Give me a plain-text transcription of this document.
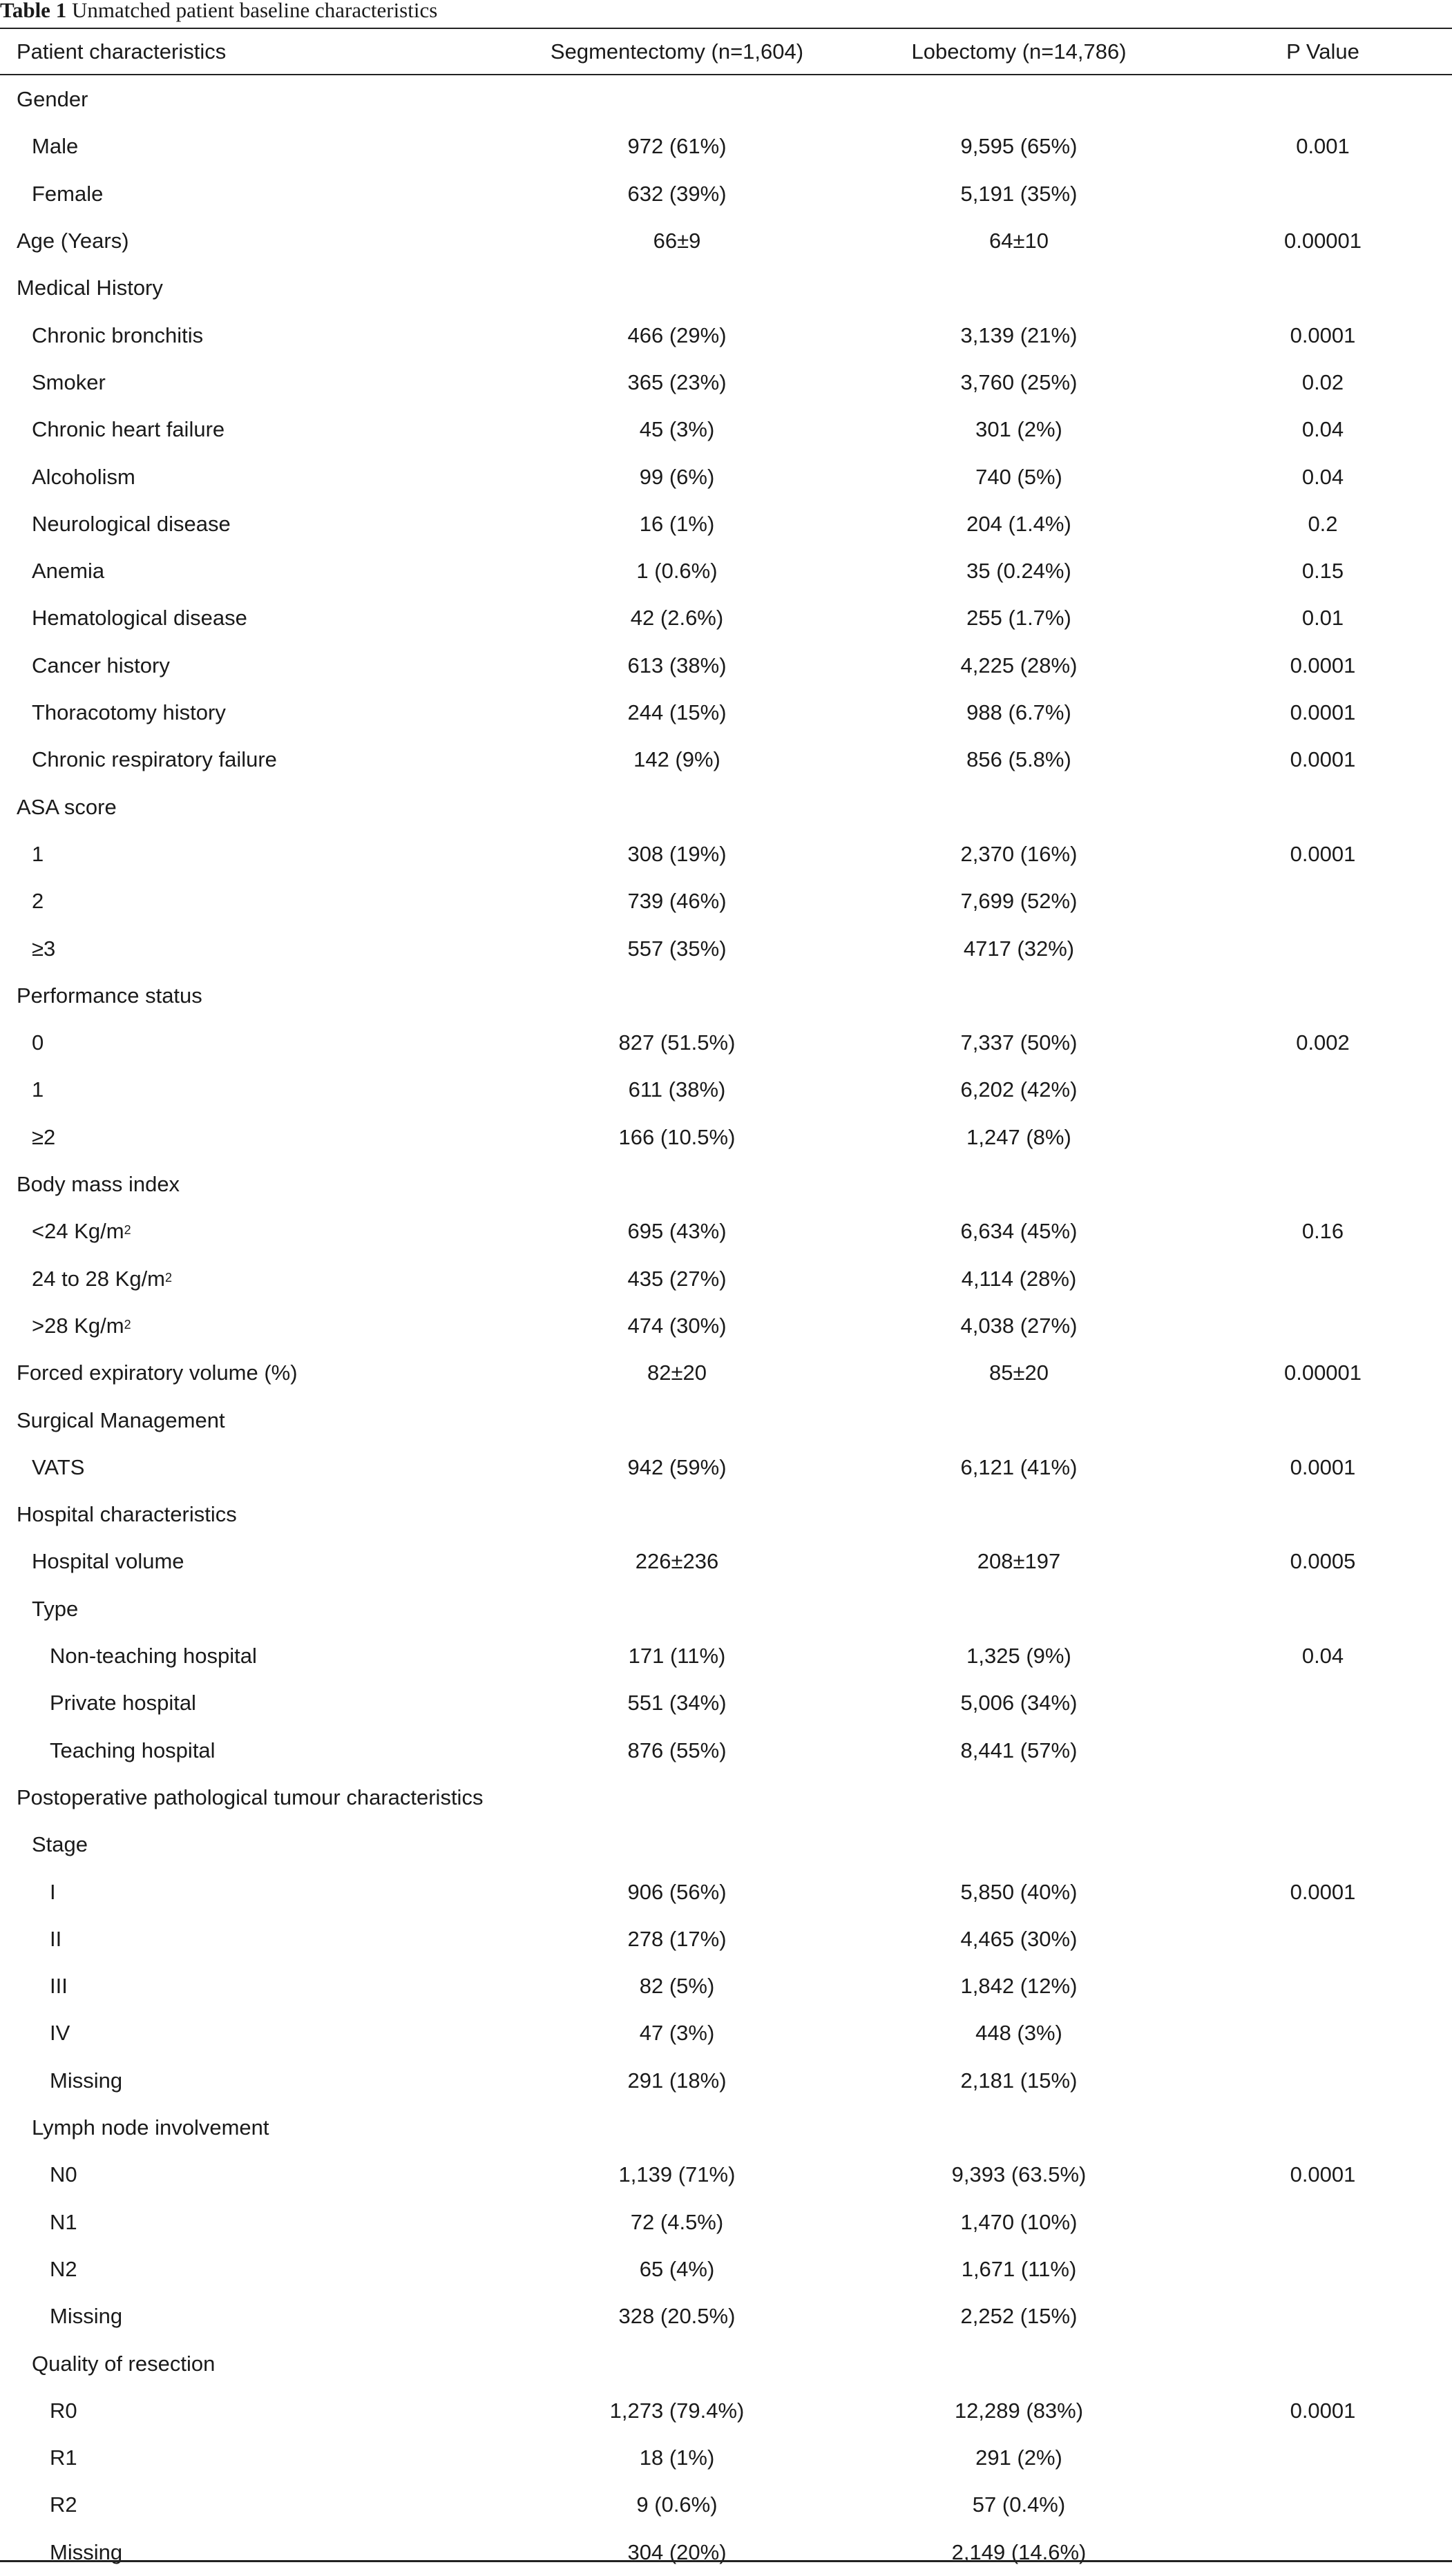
Table 1 Unmatched patient baseline characteristics
Patient characteristics	Segmentectomy (n=1,604)	Lobectomy (n=14,786)	P Value
Gender
Male	972 (61%)	9,595 (65%)	0.001
Female	632 (39%)	5,191 (35%)
Age (Years)	66±9	64±10	0.00001
Medical History
Chronic bronchitis	466 (29%)	3,139 (21%)	0.0001
Smoker	365 (23%)	3,760 (25%)	0.02
Chronic heart failure	45 (3%)	301 (2%)	0.04
Alcoholism	99 (6%)	740 (5%)	0.04
Neurological disease	16 (1%)	204 (1.4%)	0.2
Anemia	1 (0.6%)	35 (0.24%)	0.15
Hematological disease	42 (2.6%)	255 (1.7%)	0.01
Cancer history	613 (38%)	4,225 (28%)	0.0001
Thoracotomy history	244 (15%)	988 (6.7%)	0.0001
Chronic respiratory failure	142 (9%)	856 (5.8%)	0.0001
ASA score
1	308 (19%)	2,370 (16%)	0.0001
2	739 (46%)	7,699 (52%)
≥3	557 (35%)	4717 (32%)
Performance status
0	827 (51.5%)	7,337 (50%)	0.002
1	611 (38%)	6,202 (42%)
≥2	166 (10.5%)	1,247 (8%)
Body mass index
<24 $Kg/m^2$	695 (43%)	6,634 (45%)	0.16
24 to 28 $Kg/m^2$	435 (27%)	4,114 (28%)
>28 $Kg/m^2$	474 (30%)	4,038 (27%)
Forced expiratory volume (%)	82±20	85±20	0.00001
Surgical Management
VATS	942 (59%)	6,121 (41%)	0.0001
Hospital characteristics
Hospital volume	226±236	208±197	0.0005
Type
Non-teaching hospital	171 (11%)	1,325 (9%)	0.04
Private hospital	551 (34%)	5,006 (34%)
Teaching hospital	876 (55%)	8,441 (57%)
Postoperative pathological tumour characteristics
Stage
I	906 (56%)	5,850 (40%)	0.0001
II	278 (17%)	4,465 (30%)
III	82 (5%)	1,842 (12%)
IV	47 (3%)	448 (3%)
Missing	291 (18%)	2,181 (15%)
Lymph node involvement
N0	1,139 (71%)	9,393 (63.5%)	0.0001
N1	72 (4.5%)	1,470 (10%)
N2	65 (4%)	1,671 (11%)
Missing	328 (20.5%)	2,252 (15%)
Quality of resection
R0	1,273 (79.4%)	12,289 (83%)	0.0001
R1	18 (1%)	291 (2%)
R2	9 (0.6%)	57 (0.4%)
Missing	304 (20%)	2,149 (14.6%)
